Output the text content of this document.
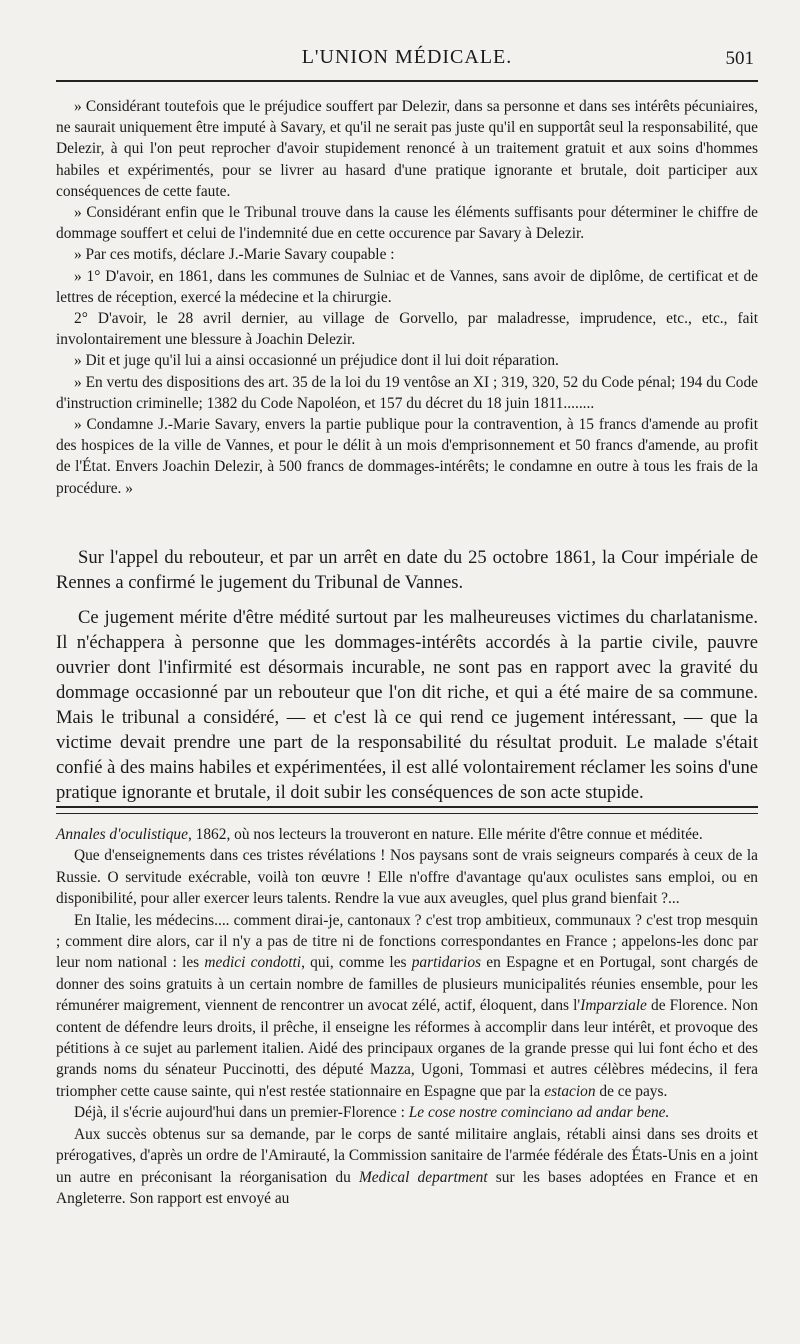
L'UNION MÉDICALE.	501

» Considérant toutefois que le préjudice souffert par Delezir, dans sa personne et dans ses intérêts pécuniaires, ne saurait uniquement être imputé à Savary, et qu'il ne serait pas juste qu'il en supportât seul la responsabilité, que Delezir, à qui l'on peut reprocher d'avoir stupidement renoncé à un traitement gratuit et aux soins d'hommes habiles et expérimentés, pour se livrer au hasard d'une pratique ignorante et brutale, doit participer aux conséquences de cette faute.

» Considérant enfin que le Tribunal trouve dans la cause les éléments suffisants pour déterminer le chiffre de dommage souffert et celui de l'indemnité due en cette occurence par Savary à Delezir.

» Par ces motifs, déclare J.-Marie Savary coupable :

» 1° D'avoir, en 1861, dans les communes de Sulniac et de Vannes, sans avoir de diplôme, de certificat et de lettres de réception, exercé la médecine et la chirurgie.

2° D'avoir, le 28 avril dernier, au village de Gorvello, par maladresse, imprudence, etc., etc., fait involontairement une blessure à Joachin Delezir.

» Dit et juge qu'il lui a ainsi occasionné un préjudice dont il lui doit réparation.

» En vertu des dispositions des art. 35 de la loi du 19 ventôse an XI ; 319, 320, 52 du Code pénal; 194 du Code d'instruction criminelle; 1382 du Code Napoléon, et 157 du décret du 18 juin 1811........

» Condamne J.-Marie Savary, envers la partie publique pour la contravention, à 15 francs d'amende au profit des hospices de la ville de Vannes, et pour le délit à un mois d'emprisonnement et 50 francs d'amende, au profit de l'État. Envers Joachin Delezir, à 500 francs de dommages-intérêts; le condamne en outre à tous les frais de la procédure. »

Sur l'appel du rebouteur, et par un arrêt en date du 25 octobre 1861, la Cour impériale de Rennes a confirmé le jugement du Tribunal de Vannes.

Ce jugement mérite d'être médité surtout par les malheureuses victimes du charlatanisme. Il n'échappera à personne que les dommages-intérêts accordés à la partie civile, pauvre ouvrier dont l'infirmité est désormais incurable, ne sont pas en rapport avec la gravité du dommage occasionné par un rebouteur que l'on dit riche, et qui a été maire de sa commune. Mais le tribunal a considéré, — et c'est là ce qui rend ce jugement intéressant, — que la victime devait prendre une part de la responsabilité du résultat produit. Le malade s'était confié à des mains habiles et expérimentées, il est allé volontairement réclamer les soins d'une pratique ignorante et brutale, il doit subir les conséquences de son acte stupide.

Annales d'oculistique, 1862, où nos lecteurs la trouveront en nature. Elle mérite d'être connue et méditée.

Que d'enseignements dans ces tristes révélations ! Nos paysans sont de vrais seigneurs comparés à ceux de la Russie. O servitude exécrable, voilà ton œuvre ! Elle n'offre d'avantage qu'aux oculistes sans emploi, ou en disponibilité, pour aller exercer leurs talents. Rendre la vue aux aveugles, quel plus grand bienfait ?...

En Italie, les médecins.... comment dirai-je, cantonaux ? c'est trop ambitieux, communaux ? c'est trop mesquin ; comment dire alors, car il n'y a pas de titre ni de fonctions correspondantes en France ; appelons-les donc par leur nom national : les medici condotti, qui, comme les partidarios en Espagne et en Portugal, sont chargés de donner des soins gratuits à un certain nombre de familles de plusieurs municipalités réunies ensemble, pour les rémunérer maigrement, viennent de rencontrer un avocat zélé, actif, éloquent, dans l'Imparziale de Florence. Non content de défendre leurs droits, il prêche, il enseigne les réformes à accomplir dans leur intérêt, et provoque des pétitions à ce sujet au parlement italien. Aidé des principaux organes de la grande presse qui lui font écho et des grands noms du sénateur Puccinotti, des député Mazza, Ugoni, Tommasi et autres célèbres médecins, il fera triompher cette cause sainte, qui n'est restée stationnaire en Espagne que par la estacion de ce pays.

Déjà, il s'écrie aujourd'hui dans un premier-Florence : Le cose nostre cominciano ad andar bene.

Aux succès obtenus sur sa demande, par le corps de santé militaire anglais, rétabli ainsi dans ses droits et prérogatives, d'après un ordre de l'Amirauté, la Commission sanitaire de l'armée fédérale des États-Unis en a joint un autre en préconisant la réorganisation du Medical department sur les bases adoptées en France et en Angleterre. Son rapport est envoyé au
